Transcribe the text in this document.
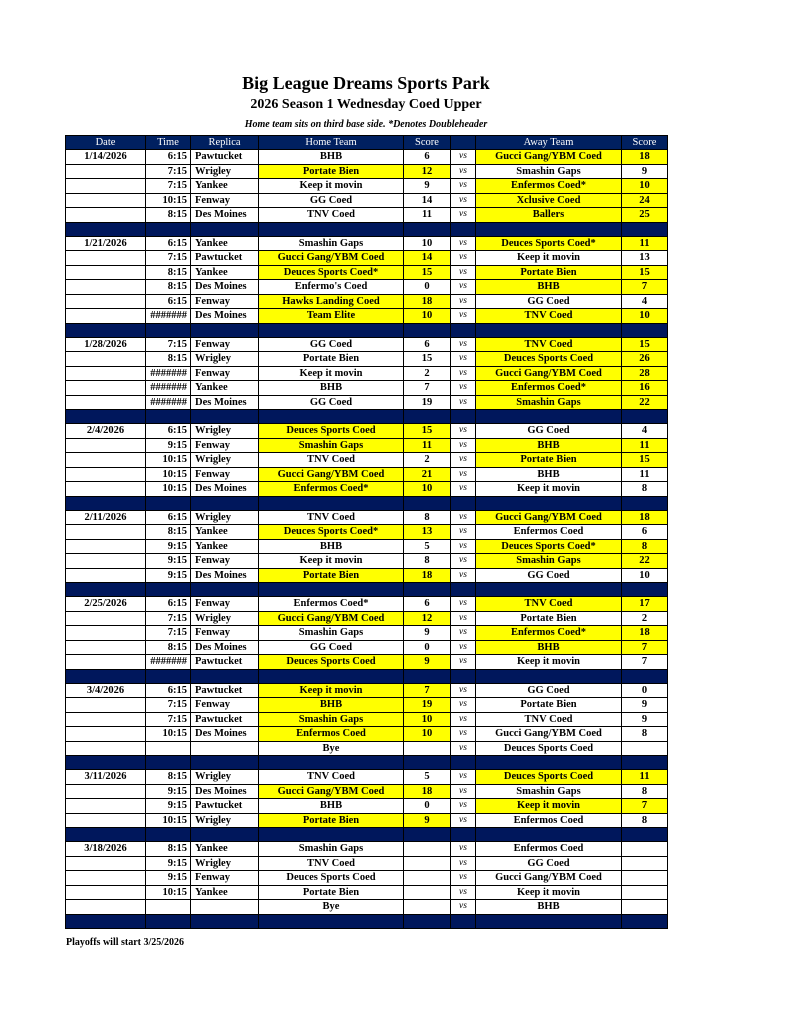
Big League Dreams Sports Park
2026 Season 1 Wednesday Coed Upper
Home team sits on third base side. *Denotes Doubleheader
Date	Time	Replica	Home Team	Score		Away Team	Score
1/14/2026	6:15	Pawtucket	BHB	6	vs	Gucci Gang/YBM Coed	18
	7:15	Wrigley	Portate Bien	12	vs	Smashin Gaps	9
	7:15	Yankee	Keep it movin	9	vs	Enfermos Coed*	10
	10:15	Fenway	GG Coed	14	vs	Xclusive Coed	24
	8:15	Des Moines	TNV Coed	11	vs	Ballers	25

1/21/2026	6:15	Yankee	Smashin Gaps	10	vs	Deuces Sports Coed*	11
	7:15	Pawtucket	Gucci Gang/YBM Coed	14	vs	Keep it movin	13
	8:15	Yankee	Deuces Sports Coed*	15	vs	Portate Bien	15
	8:15	Des Moines	Enfermo's Coed	0	vs	BHB	7
	6:15	Fenway	Hawks Landing Coed	18	vs	GG Coed	4
	#######	Des Moines	Team Elite	10	vs	TNV Coed	10

1/28/2026	7:15	Fenway	GG Coed	6	vs	TNV Coed	15
	8:15	Wrigley	Portate Bien	15	vs	Deuces Sports Coed	26
	#######	Fenway	Keep it movin	2	vs	Gucci Gang/YBM Coed	28
	#######	Yankee	BHB	7	vs	Enfermos Coed*	16
	#######	Des Moines	GG Coed	19	vs	Smashin Gaps	22

2/4/2026	6:15	Wrigley	Deuces Sports Coed	15	vs	GG Coed	4
	9:15	Fenway	Smashin Gaps	11	vs	BHB	11
	10:15	Wrigley	TNV Coed	2	vs	Portate Bien	15
	10:15	Fenway	Gucci Gang/YBM Coed	21	vs	BHB	11
	10:15	Des Moines	Enfermos Coed*	10	vs	Keep it movin	8

2/11/2026	6:15	Wrigley	TNV Coed	8	vs	Gucci Gang/YBM Coed	18
	8:15	Yankee	Deuces Sports Coed*	13	vs	Enfermos Coed	6
	9:15	Yankee	BHB	5	vs	Deuces Sports Coed*	8
	9:15	Fenway	Keep it movin	8	vs	Smashin Gaps	22
	9:15	Des Moines	Portate Bien	18	vs	GG Coed	10

2/25/2026	6:15	Fenway	Enfermos Coed*	6	vs	TNV Coed	17
	7:15	Wrigley	Gucci Gang/YBM Coed	12	vs	Portate Bien	2
	7:15	Fenway	Smashin Gaps	9	vs	Enfermos Coed*	18
	8:15	Des Moines	GG Coed	0	vs	BHB	7
	#######	Pawtucket	Deuces Sports Coed	9	vs	Keep it movin	7

3/4/2026	6:15	Pawtucket	Keep it movin	7	vs	GG Coed	0
	7:15	Fenway	BHB	19	vs	Portate Bien	9
	7:15	Pawtucket	Smashin Gaps	10	vs	TNV Coed	9
	10:15	Des Moines	Enfermos Coed	10	vs	Gucci Gang/YBM Coed	8
			Bye		vs	Deuces Sports Coed	

3/11/2026	8:15	Wrigley	TNV Coed	5	vs	Deuces Sports Coed	11
	9:15	Des Moines	Gucci Gang/YBM Coed	18	vs	Smashin Gaps	8
	9:15	Pawtucket	BHB	0	vs	Keep it movin	7
	10:15	Wrigley	Portate Bien	9	vs	Enfermos Coed	8

3/18/2026	8:15	Yankee	Smashin Gaps		vs	Enfermos Coed	
	9:15	Wrigley	TNV Coed		vs	GG Coed	
	9:15	Fenway	Deuces Sports Coed		vs	Gucci Gang/YBM Coed	
	10:15	Yankee	Portate Bien		vs	Keep it movin	
			Bye		vs	BHB	

Playoffs will start 3/25/2026
